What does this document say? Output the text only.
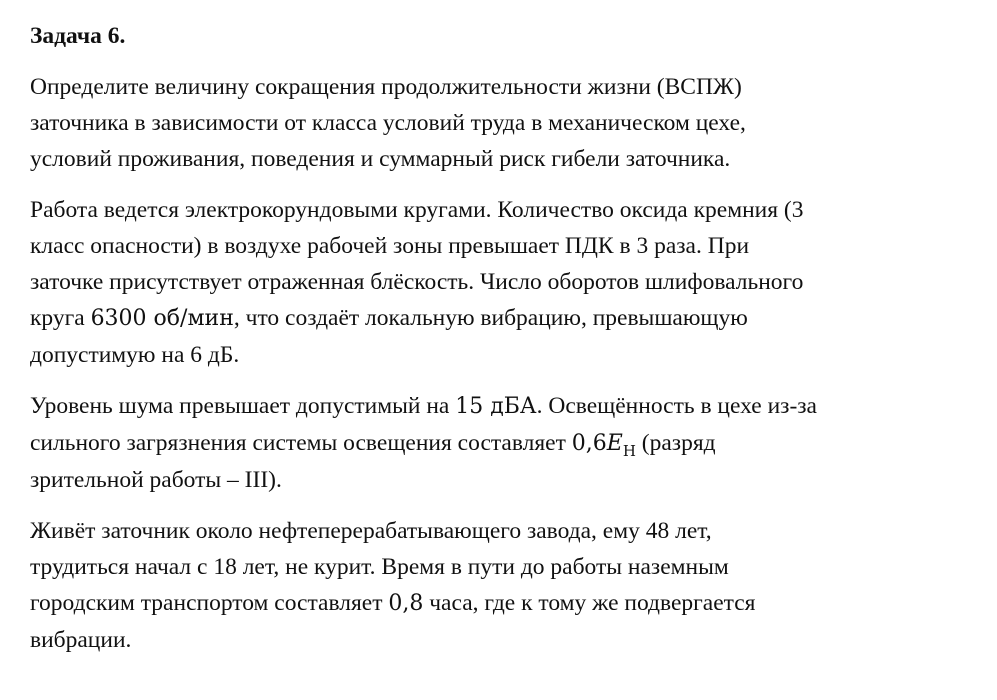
Задача 6.
Определите величину сокращения продолжительности жизни (ВСПЖ)
заточника в зависимости от класса условий труда в механическом цехе,
условий проживания, поведения и суммарный риск гибели заточника.
Работа ведется электрокорундовыми кругами. Количество оксида кремния (3
класс опасности) в воздухе рабочей зоны превышает ПДК в 3 раза. При
заточке присутствует отраженная блёскость. Число оборотов шлифовального
круга 6300 об/мин, что создаёт локальную вибрацию, превышающую
допустимую на 6 дБ.
Уровень шума превышает допустимый на 15 дБА. Освещённость в цехе из-за
сильного загрязнения системы освещения составляет $0,6E_Н$ (разряд
зрительной работы – III).
Живёт заточник около нефтеперерабатывающего завода, ему 48 лет,
трудиться начал с 18 лет, не курит. Время в пути до работы наземным
городским транспортом составляет 0,8 часа, где к тому же подвергается
вибрации.
